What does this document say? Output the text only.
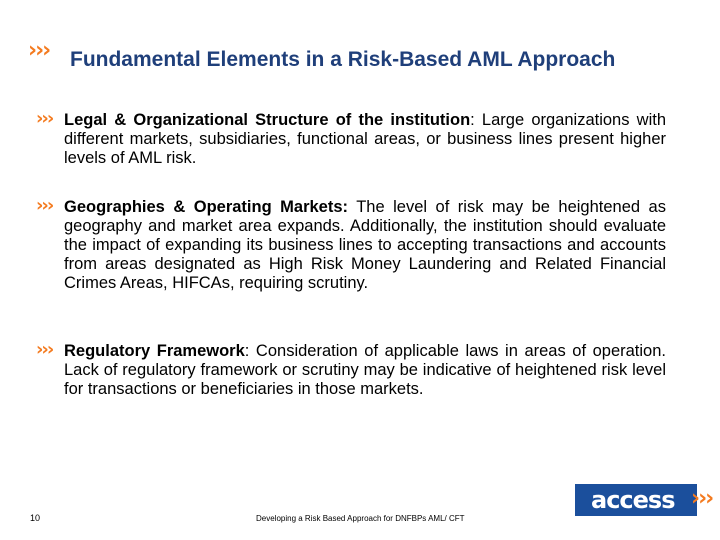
››› Fundamental Elements in a Risk-Based AML Approach
››› Legal & Organizational Structure of the institution: Large organizations with different markets, subsidiaries, functional areas, or business lines present higher levels of AML risk.

››› Geographies & Operating Markets: The level of risk may be heightened as geography and market area expands. Additionally, the institution should evaluate the impact of expanding its business lines to accepting transactions and accounts from areas designated as High Risk Money Laundering and Related Financial Crimes Areas, HIFCAs, requiring scrutiny.

››› Regulatory Framework: Consideration of applicable laws in areas of operation. Lack of regulatory framework or scrutiny may be indicative of heightened risk level for transactions or beneficiaries in those markets.

10	Developing a Risk Based Approach for DNFBPs AML/ CFT
access ›››
